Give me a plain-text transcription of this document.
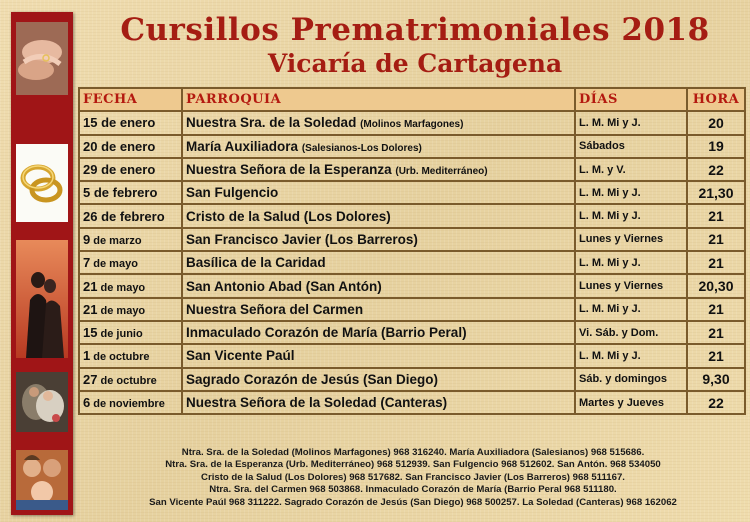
Cursillos Prematrimoniales 2018
Vicaría de Cartagena
FECHA	PARROQUIA	DÍAS	HORA
15 de enero	Nuestra Sra. de la Soledad (Molinos Marfagones)	L. M. Mi y J.	20
20 de enero	María Auxiliadora (Salesianos-Los Dolores)	Sábados	19
29 de enero	Nuestra Señora de la Esperanza (Urb. Mediterráneo)	L. M. y V.	22
5 de febrero	San Fulgencio	L. M. Mi y J.	21,30
26 de febrero	Cristo de la Salud (Los Dolores)	L. M. Mi y J.	21
9 de marzo	San Francisco Javier (Los Barreros)	Lunes y Viernes	21
7 de mayo	Basílica de la Caridad	L. M. Mi y J.	21
21 de mayo	San Antonio Abad (San Antón)	Lunes y Viernes	20,30
21 de mayo	Nuestra Señora del Carmen	L. M. Mi y J.	21
15 de junio	Inmaculado Corazón de María (Barrio Peral)	Vi. Sáb. y Dom.	21
1 de octubre	San Vicente Paúl	L. M. Mi y J.	21
27 de octubre	Sagrado Corazón de Jesús (San Diego)	Sáb. y domingos	9,30
6 de noviembre	Nuestra Señora de la Soledad (Canteras)	Martes y Jueves	22
Ntra. Sra. de la Soledad (Molinos Marfagones) 968 316240. María Auxiliadora (Salesianos) 968 515686.
Ntra. Sra. de la Esperanza (Urb. Mediterráneo) 968 512939. San Fulgencio 968 512602. San Antón. 968 534050
Cristo de la Salud (Los Dolores) 968 517682. San Francisco Javier (Los Barreros) 968 511167.
Ntra. Sra. del Carmen 968 503868. Inmaculado Corazón de María (Barrio Peral 968 511180.
San Vicente Paúl 968 311222. Sagrado Corazón de Jesús (San Diego) 968 500257. La Soledad (Canteras) 968 162062
